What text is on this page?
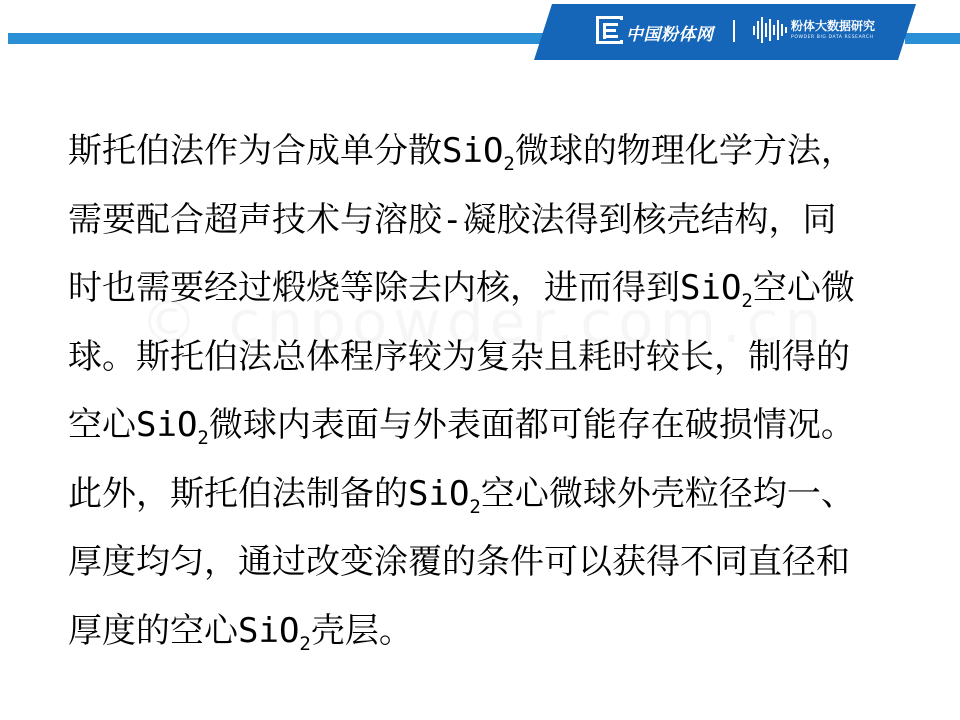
中国粉体网	粉体大数据研究
POWDER BIG DATA RESEARCH

斯托伯法作为合成单分散SiO$_2$微球的物理化学方法，
需要配合超声技术与溶胶-凝胶法得到核壳结构，同
时也需要经过煅烧等除去内核，进而得到SiO$_2$空心微
球。斯托伯法总体程序较为复杂且耗时较长，制得的
空心SiO$_2$微球内表面与外表面都可能存在破损情况。
此外，斯托伯法制备的SiO$_2$空心微球外壳粒径均一、
厚度均匀，通过改变涂覆的条件可以获得不同直径和
厚度的空心SiO$_2$壳层。
